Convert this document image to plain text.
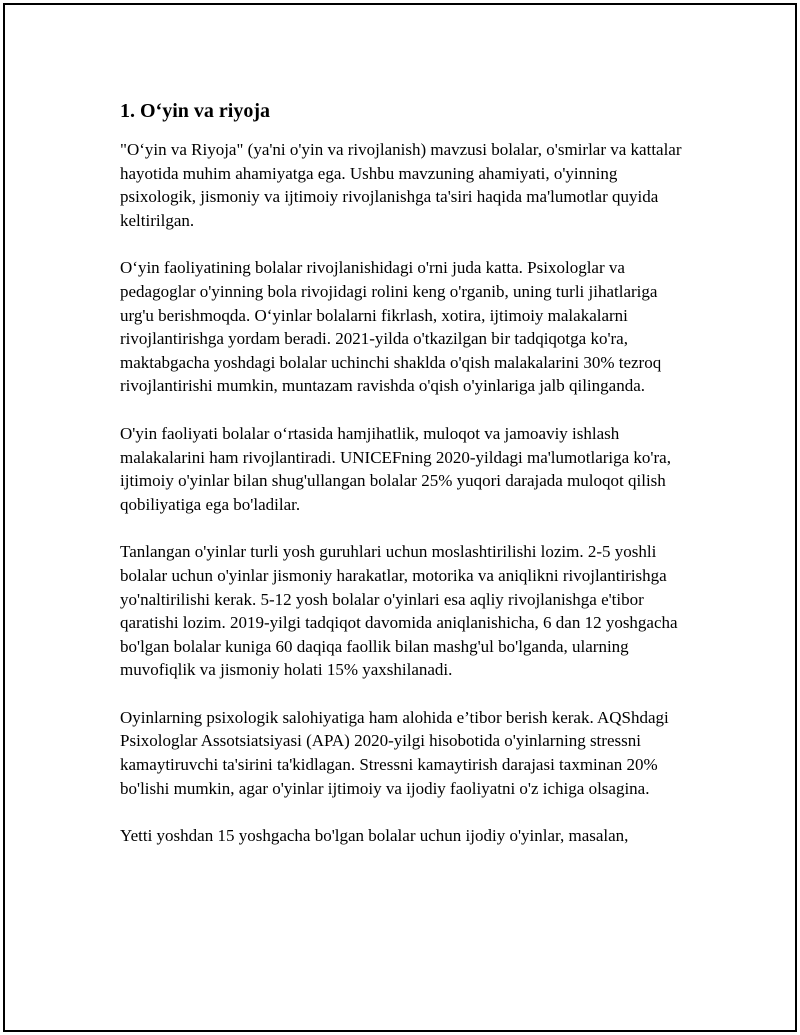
1. O‘yin va riyoja

"O‘yin va Riyoja" (ya'ni o'yin va rivojlanish) mavzusi bolalar, o'smirlar va kattalar hayotida muhim ahamiyatga ega. Ushbu mavzuning ahamiyati, o'yinning psixologik, jismoniy va ijtimoiy rivojlanishga ta'siri haqida ma'lumotlar quyida keltirilgan.

O‘yin faoliyatining bolalar rivojlanishidagi o'rni juda katta. Psixologlar va pedagoglar o'yinning bola rivojidagi rolini keng o'rganib, uning turli jihatlariga urg'u berishmoqda. O‘yinlar bolalarni fikrlash, xotira, ijtimoiy malakalarni rivojlantirishga yordam beradi. 2021-yilda o'tkazilgan bir tadqiqotga ko'ra, maktabgacha yoshdagi bolalar uchinchi shaklda o'qish malakalarini 30% tezroq rivojlantirishi mumkin, muntazam ravishda o'qish o'yinlariga jalb qilinganda.

O'yin faoliyati bolalar o‘rtasida hamjihatlik, muloqot va jamoaviy ishlash malakalarini ham rivojlantiradi. UNICEFning 2020-yildagi ma'lumotlariga ko'ra, ijtimoiy o'yinlar bilan shug'ullangan bolalar 25% yuqori darajada muloqot qilish qobiliyatiga ega bo'ladilar.

Tanlangan o'yinlar turli yosh guruhlari uchun moslashtirilishi lozim. 2-5 yoshli bolalar uchun o'yinlar jismoniy harakatlar, motorika va aniqlikni rivojlantirishga yo'naltirilishi kerak. 5-12 yosh bolalar o'yinlari esa aqliy rivojlanishga e'tibor qaratishi lozim. 2019-yilgi tadqiqot davomida aniqlanishicha, 6 dan 12 yoshgacha bo'lgan bolalar kuniga 60 daqiqa faollik bilan mashg'ul bo'lganda, ularning muvofiqlik va jismoniy holati 15% yaxshilanadi.

Oyinlarning psixologik salohiyatiga ham alohida e’tibor berish kerak. AQShdagi Psixologlar Assotsiatsiyasi (APA) 2020-yilgi hisobotida o'yinlarning stressni kamaytiruvchi ta'sirini ta'kidlagan. Stressni kamaytirish darajasi taxminan 20% bo'lishi mumkin, agar o'yinlar ijtimoiy va ijodiy faoliyatni o'z ichiga olsagina.

Yetti yoshdan 15 yoshgacha bo'lgan bolalar uchun ijodiy o'yinlar, masalan,
